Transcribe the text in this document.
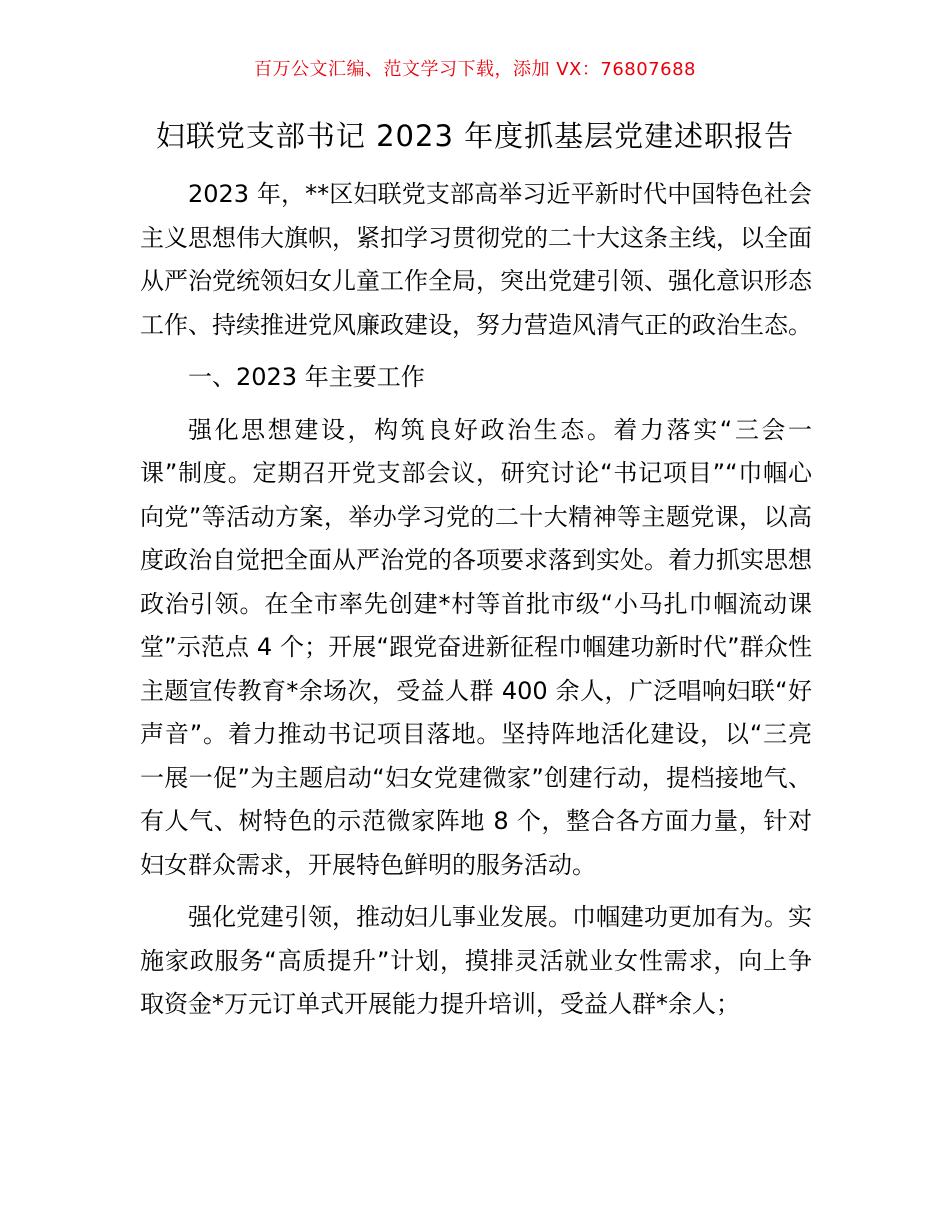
百万公文汇编、范文学习下载，添加 VX：76807688
妇联党支部书记 2023 年度抓基层党建述职报告

2023 年，**区妇联党支部高举习近平新时代中国特色社会主义思想伟大旗帜，紧扣学习贯彻党的二十大这条主线，以全面从严治党统领妇女儿童工作全局，突出党建引领、强化意识形态工作、持续推进党风廉政建设，努力营造风清气正的政治生态。

一、2023 年主要工作

强化思想建设，构筑良好政治生态。着力落实“三会一课”制度。定期召开党支部会议，研究讨论“书记项目”“巾帼心向党”等活动方案，举办学习党的二十大精神等主题党课，以高度政治自觉把全面从严治党的各项要求落到实处。着力抓实思想政治引领。在全市率先创建*村等首批市级“小马扎巾帼流动课堂”示范点 4 个；开展“跟党奋进新征程巾帼建功新时代”群众性主题宣传教育*余场次，受益人群 400 余人，广泛唱响妇联“好声音”。着力推动书记项目落地。坚持阵地活化建设，以“三亮一展一促”为主题启动“妇女党建微家”创建行动，提档接地气、有人气、树特色的示范微家阵地 8 个，整合各方面力量，针对妇女群众需求，开展特色鲜明的服务活动。

强化党建引领，推动妇儿事业发展。巾帼建功更加有为。实施家政服务“高质提升”计划，摸排灵活就业女性需求，向上争取资金*万元订单式开展能力提升培训，受益人群*余人；
